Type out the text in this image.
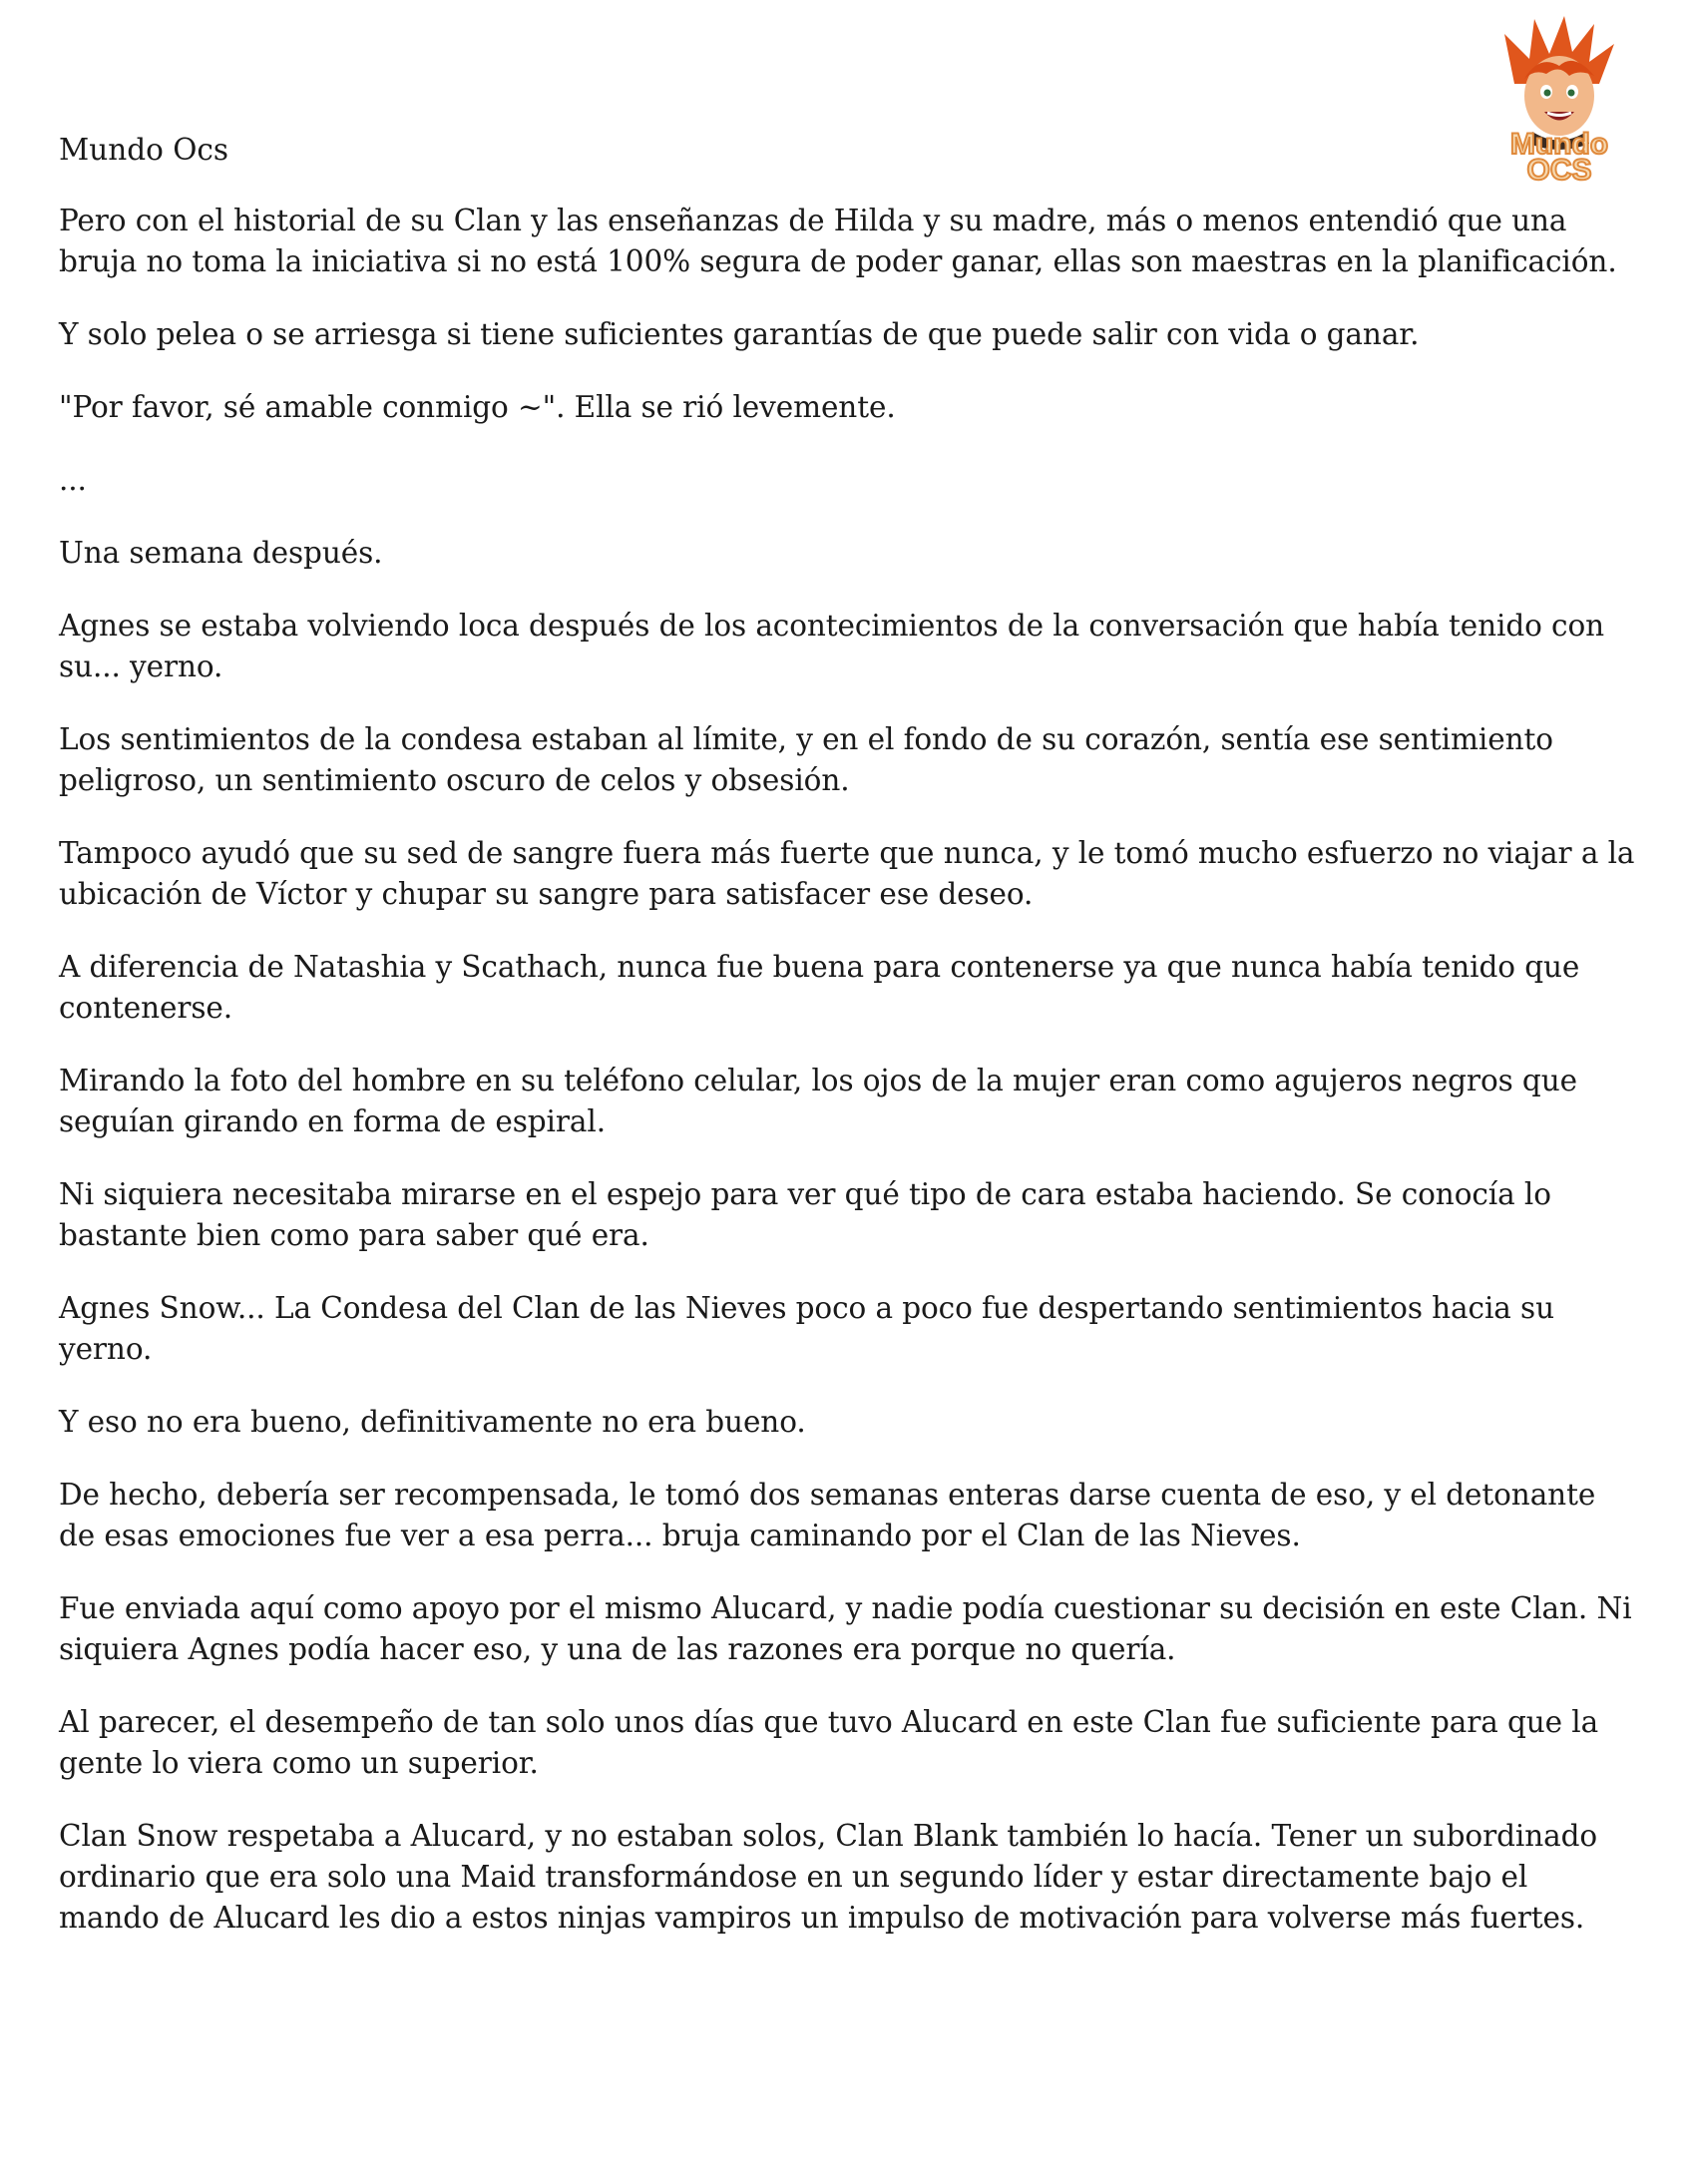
Mundo
OCS
Mundo Ocs

Pero con el historial de su Clan y las enseñanzas de Hilda y su madre, más o menos entendió que una bruja no toma la iniciativa si no está 100% segura de poder ganar, ellas son maestras en la planificación.

Y solo pelea o se arriesga si tiene suficientes garantías de que puede salir con vida o ganar.

"Por favor, sé amable conmigo ~". Ella se rió levemente.

...

Una semana después.

Agnes se estaba volviendo loca después de los acontecimientos de la conversación que había tenido con su... yerno.

Los sentimientos de la condesa estaban al límite, y en el fondo de su corazón, sentía ese sentimiento peligroso, un sentimiento oscuro de celos y obsesión.

Tampoco ayudó que su sed de sangre fuera más fuerte que nunca, y le tomó mucho esfuerzo no viajar a la ubicación de Víctor y chupar su sangre para satisfacer ese deseo.

A diferencia de Natashia y Scathach, nunca fue buena para contenerse ya que nunca había tenido que contenerse.

Mirando la foto del hombre en su teléfono celular, los ojos de la mujer eran como agujeros negros que seguían girando en forma de espiral.

Ni siquiera necesitaba mirarse en el espejo para ver qué tipo de cara estaba haciendo. Se conocía lo bastante bien como para saber qué era.

Agnes Snow... La Condesa del Clan de las Nieves poco a poco fue despertando sentimientos hacia su yerno.

Y eso no era bueno, definitivamente no era bueno.

De hecho, debería ser recompensada, le tomó dos semanas enteras darse cuenta de eso, y el detonante de esas emociones fue ver a esa perra... bruja caminando por el Clan de las Nieves.

Fue enviada aquí como apoyo por el mismo Alucard, y nadie podía cuestionar su decisión en este Clan. Ni siquiera Agnes podía hacer eso, y una de las razones era porque no quería.

Al parecer, el desempeño de tan solo unos días que tuvo Alucard en este Clan fue suficiente para que la gente lo viera como un superior.

Clan Snow respetaba a Alucard, y no estaban solos, Clan Blank también lo hacía. Tener un subordinado ordinario que era solo una Maid transformándose en un segundo líder y estar directamente bajo el mando de Alucard les dio a estos ninjas vampiros un impulso de motivación para volverse más fuertes.
